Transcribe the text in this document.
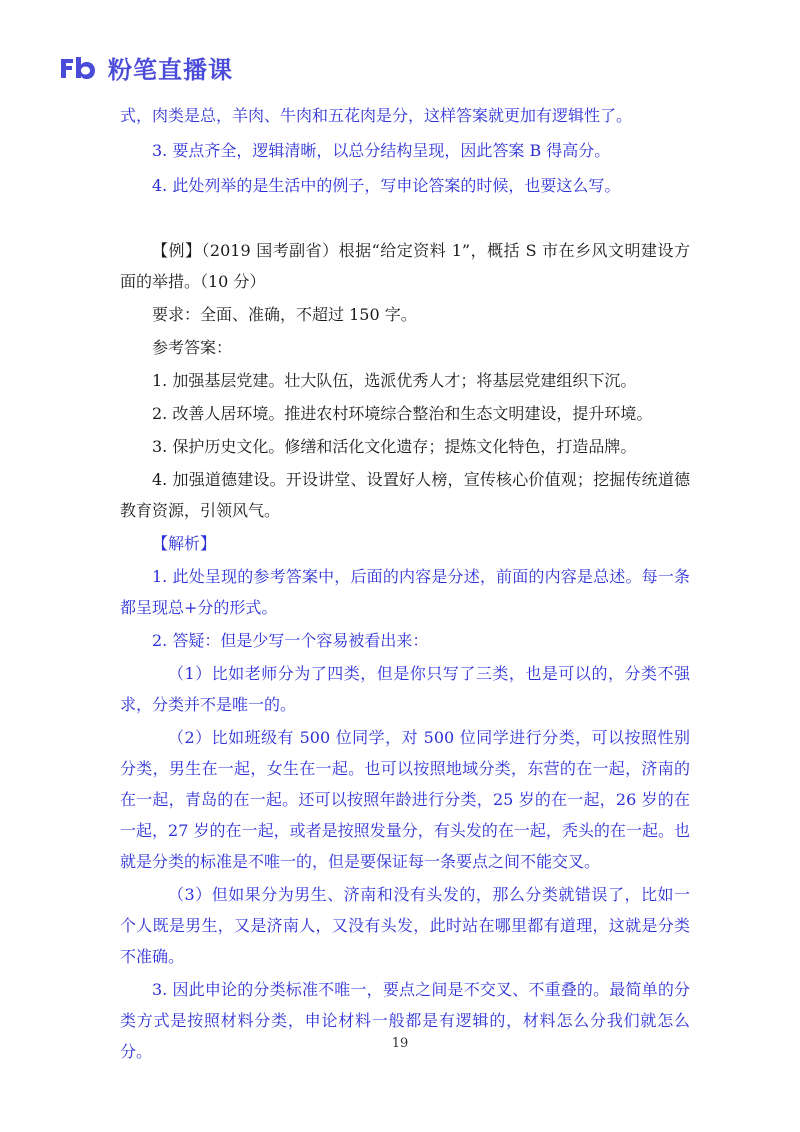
粉笔直播课

式，肉类是总，羊肉、牛肉和五花肉是分，这样答案就更加有逻辑性了。

3. 要点齐全，逻辑清晰，以总分结构呈现，因此答案 B 得高分。

4. 此处列举的是生活中的例子，写申论答案的时候，也要这么写。

【例】（2019 国考副省）根据“给定资料 1”，概括 S 市在乡风文明建设方面的举措。（10 分）

要求：全面、准确，不超过 150 字。

参考答案：

1. 加强基层党建。壮大队伍，选派优秀人才；将基层党建组织下沉。

2. 改善人居环境。推进农村环境综合整治和生态文明建设，提升环境。

3. 保护历史文化。修缮和活化文化遗存；提炼文化特色，打造品牌。

4. 加强道德建设。开设讲堂、设置好人榜，宣传核心价值观；挖掘传统道德教育资源，引领风气。

【解析】

1. 此处呈现的参考答案中，后面的内容是分述，前面的内容是总述。每一条都呈现总+分的形式。

2. 答疑：但是少写一个容易被看出来：

（1）比如老师分为了四类，但是你只写了三类，也是可以的，分类不强求，分类并不是唯一的。

（2）比如班级有 500 位同学，对 500 位同学进行分类，可以按照性别分类，男生在一起，女生在一起。也可以按照地域分类，东营的在一起，济南的在一起，青岛的在一起。还可以按照年龄进行分类，25 岁的在一起，26 岁的在一起，27 岁的在一起，或者是按照发量分，有头发的在一起，秃头的在一起。也就是分类的标准是不唯一的，但是要保证每一条要点之间不能交叉。

（3）但如果分为男生、济南和没有头发的，那么分类就错误了，比如一个人既是男生，又是济南人，又没有头发，此时站在哪里都有道理，这就是分类不准确。

3. 因此申论的分类标准不唯一，要点之间是不交叉、不重叠的。最简单的分类方式是按照材料分类，申论材料一般都是有逻辑的，材料怎么分我们就怎么分。	19
